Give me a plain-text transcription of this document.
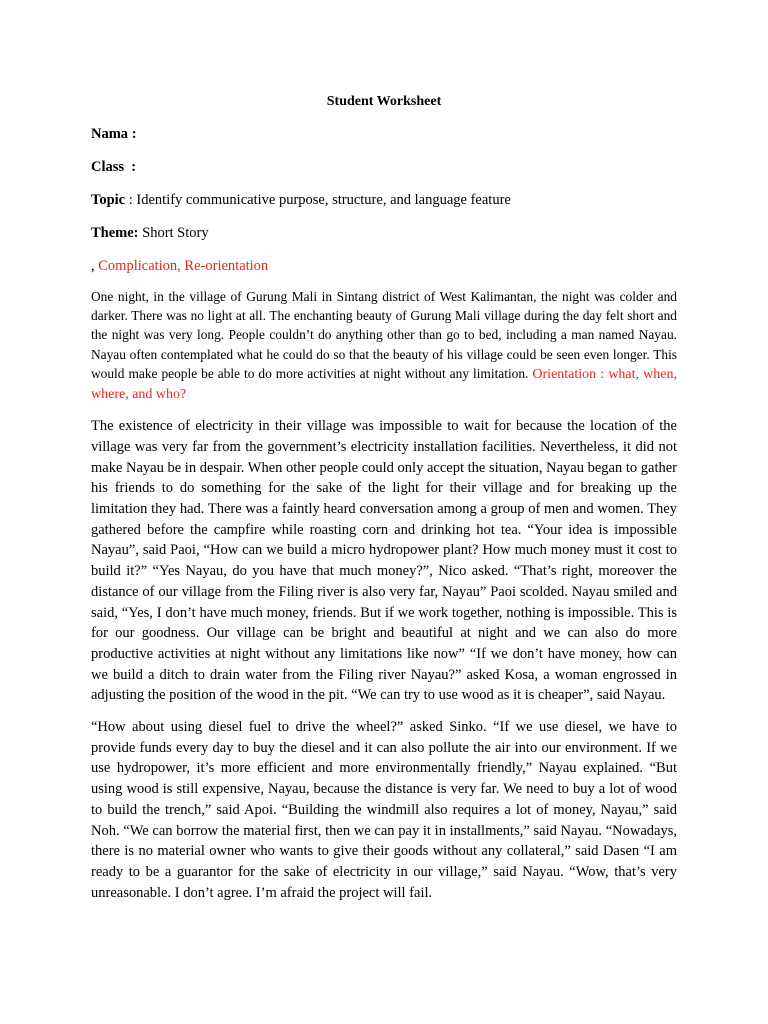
Student Worksheet
Nama :
Class  :
Topic : Identify communicative purpose, structure, and language feature
Theme: Short Story
, Complication, Re-orientation

One night, in the village of Gurung Mali in Sintang district of West Kalimantan, the night was colder and darker. There was no light at all. The enchanting beauty of Gurung Mali village during the day felt short and the night was very long. People couldn’t do anything other than go to bed, including a man named Nayau. Nayau often contemplated what he could do so that the beauty of his village could be seen even longer. This would make people be able to do more activities at night without any limitation. Orientation : what, when, where, and who?

The existence of electricity in their village was impossible to wait for because the location of the village was very far from the government’s electricity installation facilities. Nevertheless, it did not make Nayau be in despair. When other people could only accept the situation, Nayau began to gather his friends to do something for the sake of the light for their village and for breaking up the limitation they had. There was a faintly heard conversation among a group of men and women. They gathered before the campfire while roasting corn and drinking hot tea. “Your idea is impossible Nayau”, said Paoi, “How can we build a micro hydropower plant? How much money must it cost to build it?” “Yes Nayau, do you have that much money?”, Nico asked. “That’s right, moreover the distance of our village from the Filing river is also very far, Nayau” Paoi scolded. Nayau smiled and said, “Yes, I don’t have much money, friends. But if we work together, nothing is impossible. This is for our goodness. Our village can be bright and beautiful at night and we can also do more productive activities at night without any limitations like now” “If we don’t have money, how can we build a ditch to drain water from the Filing river Nayau?” asked Kosa, a woman engrossed in adjusting the position of the wood in the pit. “We can try to use wood as it is cheaper”, said Nayau.

“How about using diesel fuel to drive the wheel?” asked Sinko. “If we use diesel, we have to provide funds every day to buy the diesel and it can also pollute the air into our environment. If we use hydropower, it’s more efficient and more environmentally friendly,” Nayau explained. “But using wood is still expensive, Nayau, because the distance is very far. We need to buy a lot of wood to build the trench,” said Apoi. “Building the windmill also requires a lot of money, Nayau,” said Noh. “We can borrow the material first, then we can pay it in installments,” said Nayau. “Nowadays, there is no material owner who wants to give their goods without any collateral,” said Dasen “I am ready to be a guarantor for the sake of electricity in our village,” said Nayau. “Wow, that’s very unreasonable. I don’t agree. I’m afraid the project will fail.
